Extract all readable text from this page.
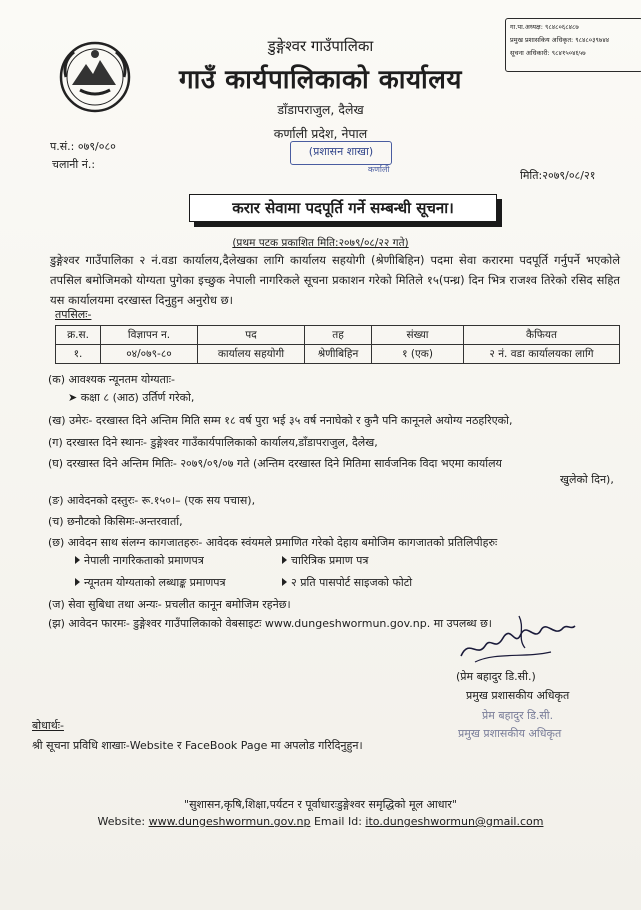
डुङ्गेश्वर गाउँपालिका
गाउँ कार्यपालिकाको कार्यालय
डाँडापराजुल, दैलेख
कर्णाली प्रदेश, नेपाल
(प्रशासन शाखा)
कर्णाली
गा.पा.अध्यक्ष: ९८४८०६८४८७
प्रमुख प्रशासकिय अधिकृत: ९८४८०३९७४४
सूचना अधिकारी: ९८४१५०४६५७
प.सं.: ०७९/०८०
चलानी नं.:
मिति:२०७९/०८/२१
करार सेवामा पदपूर्ति गर्ने सम्बन्धी सूचना।
(प्रथम पटक प्रकाशित मिति:२०७९/०८/२२ गते)
डुङ्गेश्वर गाउँपालिका २ नं.वडा कार्यालय,दैलेखका लागि कार्यालय सहयोगी (श्रेणीबिहिन) पदमा सेवा करारमा पदपूर्ति गर्नुपर्ने भएकोले तपसिल बमोजिमको योग्यता पुगेका इच्छुक नेपाली नागरिकले सूचना प्रकाशन गरेको मितिले १५(पन्ध्र) दिन भित्र राजश्व तिरेको रसिद सहित यस कार्यालयमा दरखास्त दिनुहुन अनुरोध छ।
तपसिलः-
क्र.स.	विज्ञापन न.	पद	तह	संख्या	कैफियत
१.	०४/०७९-८०	कार्यालय सहयोगी	श्रेणीबिहिन	१ (एक)	२ नं. वडा कार्यालयका लागि
(क) आवश्यक न्यूनतम योग्यताः-
➤ कक्षा ८ (आठ) उर्तिर्ण गरेको,
(ख) उमेरः- दरखास्त दिने अन्तिम मिति सम्म १८ वर्ष पुरा भई ३५ वर्ष ननाघेको र कुनै पनि कानूनले अयोग्य नठहरिएको,
(ग) दरखास्त दिने स्थानः- डुङ्गेश्वर गाउँकार्यपालिकाको कार्यालय,डाँडापराजुल, दैलेख,
(घ) दरखास्त दिने अन्तिम मितिः- २०७९/०९/०७ गते (अन्तिम दरखास्त दिने मितिमा सार्वजनिक विदा भएमा कार्यालय
खुलेको दिन),
(ङ) आवेदनको दस्तुरः- रू.१५०।– (एक सय पचास),
(च) छनौटको किसिमः-अन्तरवार्ता,
(छ) आवेदन साथ संलग्न कागजातहरुः- आवेदक स्वंयमले प्रमाणित गरेको देहाय बमोजिम कागजातको प्रतिलिपीहरुः
नेपाली नागरिकताको प्रमाणपत्र	चारित्रिक प्रमाण पत्र
न्यूनतम योग्यताको लब्धाङ्क प्रमाणपत्र	२ प्रति पासपोर्ट साइजको फोटो
(ज) सेवा सुबिधा तथा अन्यः- प्रचलीत कानून बमोजिम रहनेछ।
(झ) आवेदन फारमः- डुङ्गेश्वर गाउँपालिकाको वेबसाइटः www.dungeshwormun.gov.np. मा उपलब्ध छ।
(प्रेम बहादुर डि.सी.)
प्रमुख प्रशासकीय अधिकृत
प्रेम बहादुर डि.सी.
प्रमुख प्रशासकीय अधिकृत
बोधार्थः-
श्री सूचना प्रविधि शाखाः-Website र FaceBook Page मा अपलोड गरिदिनुहुन।
"सुशासन,कृषि,शिक्षा,पर्यटन र पूर्वाधारःडुङ्गेश्वर समृद्धिको मूल आधार"
Website: www.dungeshwormun.gov.np Email Id: ito.dungeshwormun@gmail.com
